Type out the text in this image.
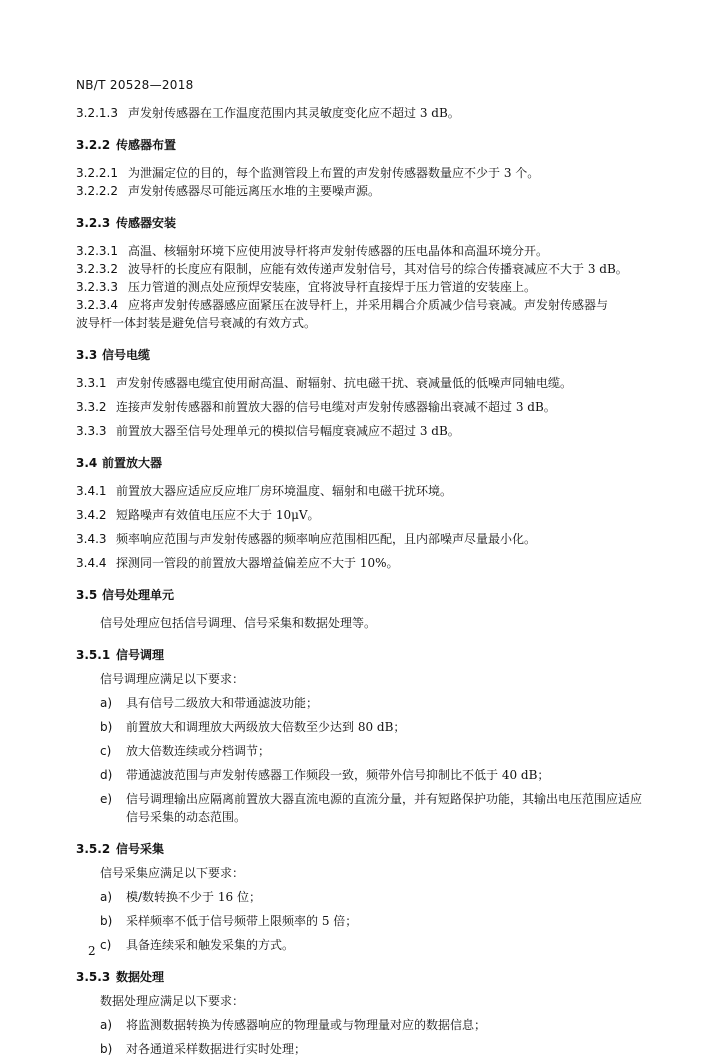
NB/T 20528—2018
3.2.1.3 声发射传感器在工作温度范围内其灵敏度变化应不超过 3 dB。
3.2.2 传感器布置
3.2.2.1 为泄漏定位的目的，每个监测管段上布置的声发射传感器数量应不少于 3 个。
3.2.2.2 声发射传感器尽可能远离压水堆的主要噪声源。
3.2.3 传感器安装
3.2.3.1 高温、核辐射环境下应使用波导杆将声发射传感器的压电晶体和高温环境分开。
3.2.3.2 波导杆的长度应有限制，应能有效传递声发射信号，其对信号的综合传播衰减应不大于 3 dB。
3.2.3.3 压力管道的测点处应预焊安装座，宜将波导杆直接焊于压力管道的安装座上。
3.2.3.4 应将声发射传感器感应面紧压在波导杆上，并采用耦合介质减少信号衰减。声发射传感器与
波导杆一体封装是避免信号衰减的有效方式。
3.3 信号电缆
3.3.1 声发射传感器电缆宜使用耐高温、耐辐射、抗电磁干扰、衰减量低的低噪声同轴电缆。
3.3.2 连接声发射传感器和前置放大器的信号电缆对声发射传感器输出衰减不超过 3 dB。
3.3.3 前置放大器至信号处理单元的模拟信号幅度衰减应不超过 3 dB。
3.4 前置放大器
3.4.1 前置放大器应适应反应堆厂房环境温度、辐射和电磁干扰环境。
3.4.2 短路噪声有效值电压应不大于 10μV。
3.4.3 频率响应范围与声发射传感器的频率响应范围相匹配，且内部噪声尽量最小化。
3.4.4 探测同一管段的前置放大器增益偏差应不大于 10%。
3.5 信号处理单元
信号处理应包括信号调理、信号采集和数据处理等。
3.5.1 信号调理
信号调理应满足以下要求：
a)	具有信号二级放大和带通滤波功能；
b)	前置放大和调理放大两级放大倍数至少达到 80 dB；
c)	放大倍数连续或分档调节；
d)	带通滤波范围与声发射传感器工作频段一致，频带外信号抑制比不低于 40 dB；
e)	信号调理输出应隔离前置放大器直流电源的直流分量，并有短路保护功能，其输出电压范围应适应信号采集的动态范围。
3.5.2 信号采集
信号采集应满足以下要求：
a)	模/数转换不少于 16 位；
b)	采样频率不低于信号频带上限频率的 5 倍；
c)	具备连续采和触发采集的方式。
3.5.3 数据处理
数据处理应满足以下要求：
a)	将监测数据转换为传感器响应的物理量或与物理量对应的数据信息；
b)	对各通道采样数据进行实时处理；
2
